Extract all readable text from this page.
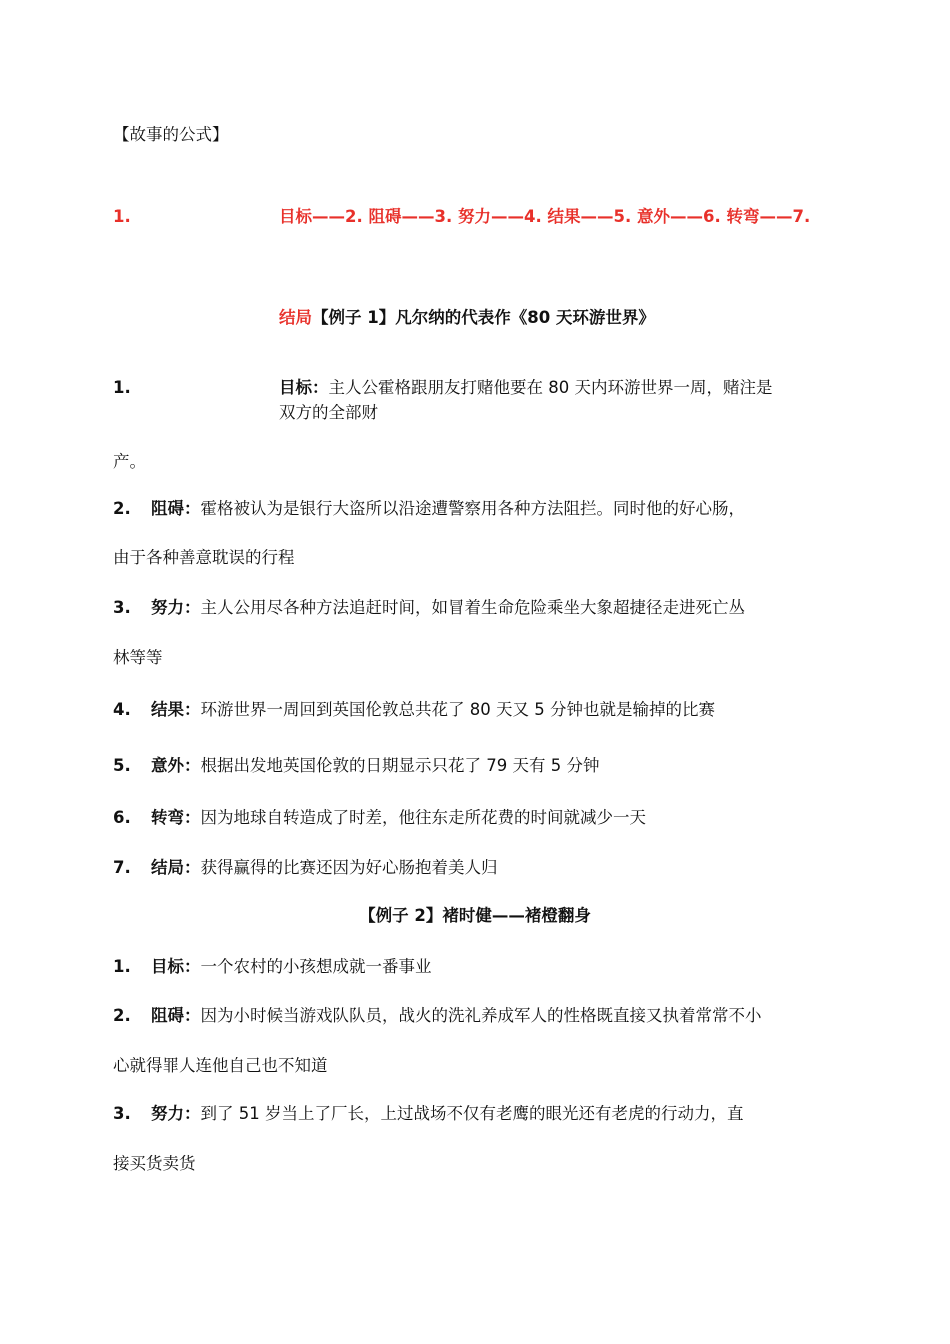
【故事的公式】
1.	目标——2. 阻碍——3. 努力——4. 结果——5. 意外——6. 转弯——7.
结局【例子 1】凡尔纳的代表作《80 天环游世界》
1.	目标：主人公霍格跟朋友打赌他要在 80 天内环游世界一周，赌注是
双方的全部财
产。
2. 阻碍：霍格被认为是银行大盗所以沿途遭警察用各种方法阻拦。同时他的好心肠，
由于各种善意耽误的行程
3. 努力：主人公用尽各种方法追赶时间，如冒着生命危险乘坐大象超捷径走进死亡丛
林等等
4. 结果：环游世界一周回到英国伦敦总共花了 80 天又 5 分钟也就是输掉的比赛
5. 意外：根据出发地英国伦敦的日期显示只花了 79 天有 5 分钟
6. 转弯：因为地球自转造成了时差，他往东走所花费的时间就减少一天
7. 结局：获得赢得的比赛还因为好心肠抱着美人归
【例子 2】褚时健——褚橙翻身
1. 目标：一个农村的小孩想成就一番事业
2. 阻碍：因为小时候当游戏队队员，战火的洗礼养成军人的性格既直接又执着常常不小
心就得罪人连他自己也不知道
3. 努力：到了 51 岁当上了厂长，上过战场不仅有老鹰的眼光还有老虎的行动力，直
接买货卖货
